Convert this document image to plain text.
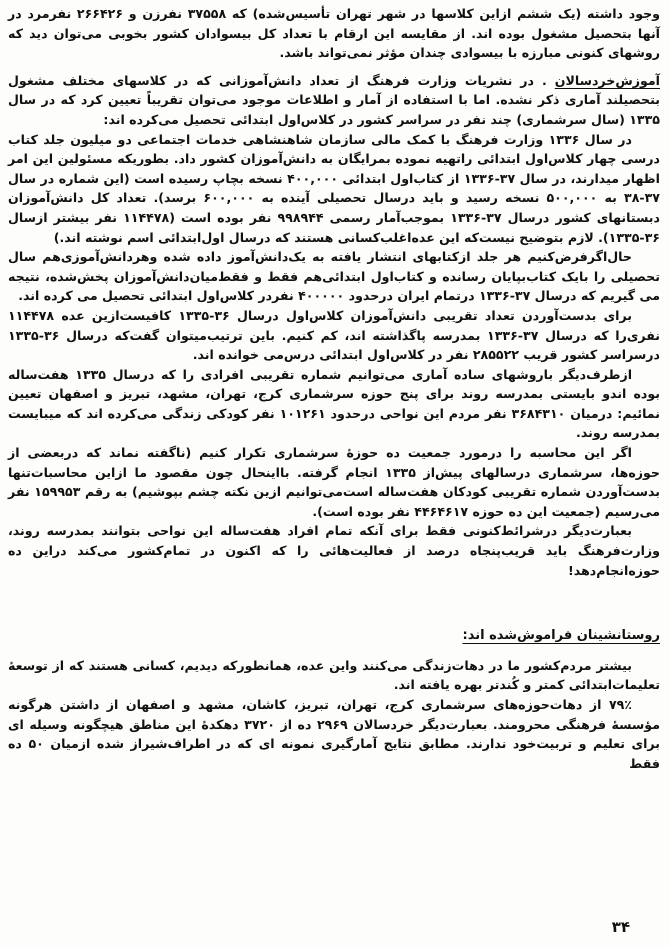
وجود داشته (یک ششم ازاین کلاسها در شهر تهران تأسیس‌شده) که ۳۷۵۵۸ نفرزن و ۲۶۶۴۲۶ نفرمرد در آنها بتحصیل مشغول بوده اند. از مقایسه این ارقام با تعداد کل بیسوادان کشور بخوبی می‌توان دید که روشهای کنونی مبارزه با بیسوادی چندان مؤثر نمی‌تواند باشد.

آموزش‌خردسالان . در نشریات وزارت فرهنگ از تعداد دانش‌آموزانی که در کلاسهای مختلف مشغول بتحصیلند آماری ذکر نشده. اما با استفاده از آمار و اطلاعات موجود می‌توان تقریباً تعیین کرد که در سال ۱۳۳۵ (سال سرشماری) چند نفر در سراسر کشور در کلاس‌اول ابتدائی تحصیل می‌کرده اند:

در سال ۱۳۳۶ وزارت فرهنگ با کمک مالی سازمان شاهنشاهی خدمات اجتماعی دو میلیون جلد کتاب درسی چهار کلاس‌اول ابتدائی راتهیه نموده بمرایگان به دانش‌آموزان کشور داد. بطوریکه مسئولین این امر اظهار میدارند، در سال ۳۷-۱۳۳۶ از کتاب‌اول ابتدائی ۴۰۰,۰۰۰ نسخه بچاپ رسیده است (این شماره در سال ۳۷-۳۸ به ۵۰۰,۰۰۰ نسخه رسید و باید درسال تحصیلی آینده به ۶۰۰,۰۰۰ برسد). تعداد کل دانش‌آموزان دبستانهای کشور درسال ۳۷-۱۳۳۶ بموجب‌آمار رسمی ۹۹۸۹۴۴ نفر بوده است (۱۱۴۴۷۸ نفر بیشتر ازسال ۳۶-۱۳۳۵). لازم بتوضیح نیست‌که این عده‌اغلب‌کسانی هستند که درسال اول‌ابتدائی اسم نوشته اند.)

حال‌اگرفرض‌کنیم هر جلد ازکتابهای انتشار یافته به یک‌دانش‌آموز داده شده وهردانش‌آموزی‌هم سال تحصیلی را بایک کتاب‌بپایان رسانده و کتاب‌اول ابتدائی‌هم فقط و فقط‌میان‌دانش‌آموزان پخش‌شده، نتیجه می گیریم که درسال ۳۷-۱۳۳۶ درتمام ایران درحدود ۴۰۰۰۰۰ نفردر کلاس‌اول ابتدائی تحصیل می کرده اند.

برای بدست‌آوردن تعداد تقریبی دانش‌آموزان کلاس‌اول درسال ۳۶-۱۳۳۵ کافیست‌ازین عده ۱۱۴۴۷۸ نفری‌را که درسال ۳۷-۱۳۳۶ بمدرسه پاگذاشته اند، کم کنیم. باین ترتیب‌میتوان گفت‌که درسال ۳۶-۱۳۳۵ درسراسر کشور قریب ۲۸۵۵۲۲ نفر در کلاس‌اول ابتدائی درس‌می خوانده اند.

ازطرف‌دیگر باروشهای ساده آماری می‌توانیم شماره تقریبی افرادی را که درسال ۱۳۳۵ هفت‌ساله بوده اندو بایستی بمدرسه روند برای پنج حوزه سرشماری کرج، تهران، مشهد، تبریز و اصفهان تعیین نمائیم: درمیان ۳۶۸۴۳۱۰ نفر مردم این نواحی درحدود ۱۰۱۲۶۱ نفر کودکی زندگی می‌کرده اند که میبایست بمدرسه روند.

اگر این محاسبه را درمورد جمعیت ده حوزهٔ سرشماری تکرار کنیم (ناگفته نماند که دربعضی از حوزه‌ها، سرشماری درسالهای پیش‌از ۱۳۳۵ انجام گرفته. بااینحال چون مقصود ما ازاین محاسبات‌تنها بدست‌آوردن شماره تقریبی کودکان هفت‌ساله است‌می‌توانیم ازین نکته چشم بپوشیم) به رقم ۱۵۹۹۵۳ نفر می‌رسیم (جمعیت این ده حوزه ۴۴۶۴۶۱۷ نفر بوده است).

بعبارت‌دیگر درشرائط‌کنونی فقط برای آنکه تمام افراد هفت‌ساله این نواحی بتوانند بمدرسه روند، وزارت‌فرهنگ باید قریب‌پنجاه درصد از فعالیت‌هائی را که اکنون در تمام‌کشور می‌کند دراین ده حوزه‌انجام‌دهد!

روستانشینان فراموش‌شده اند:

بیشتر مردم‌کشور ما در دهات‌زندگی می‌کنند واین عده، همانطورکه دیدیم، کسانی هستند که از توسعهٔ تعلیمات‌ابتدائی کمتر و کُندتر بهره یافته اند.

۷۹٪ از دهات‌حوزه‌های سرشماری کرج، تهران، تبریز، کاشان، مشهد و اصفهان از داشتن هرگونه مؤسسهٔ فرهنگی محرومند. بعبارت‌دیگر خردسالان ۲۹۶۹ ده از ۳۷۲۰ دهکدهٔ این مناطق هیچگونه وسیله ای برای تعلیم و تربیت‌خود ندارند. مطابق نتایج آمارگیری نمونه ای که در اطراف‌شیراز شده ازمیان ۵۰ ده فقط

۳۴
